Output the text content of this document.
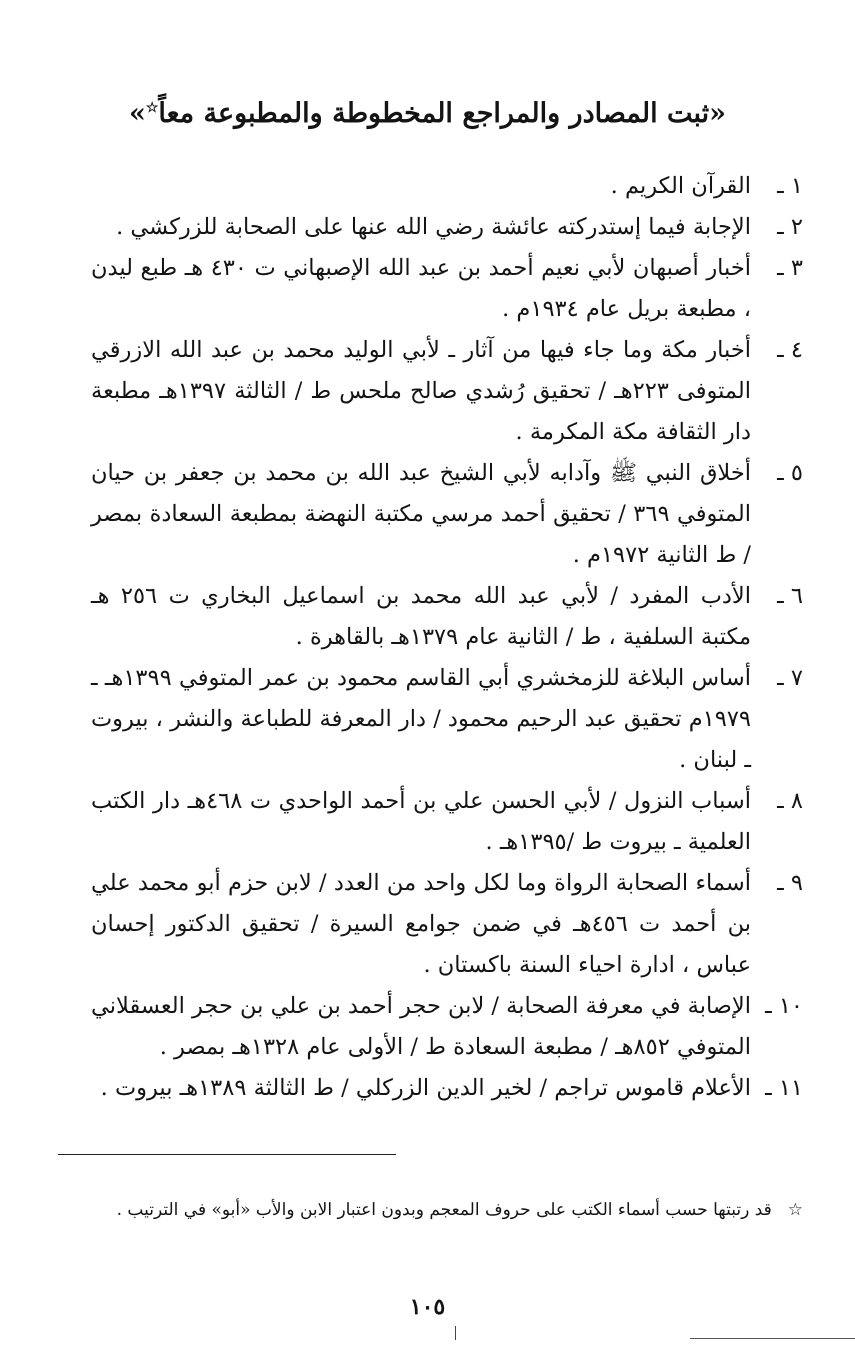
«ثبت المصادر والمراجع المخطوطة والمطبوعة معاً☆»
١ ـ
القرآن الكريم .
٢ ـ
الإجابة فيما إستدركته عائشة رضي الله عنها على الصحابة للزركشي .
٣ ـ
أخبار أصبهان لأبي نعيم أحمد بن عبد الله الإصبهاني ت ٤٣٠ هـ طبع ليدن ، مطبعة بريل عام ١٩٣٤م .
٤ ـ
أخبار مكة وما جاء فيها من آثار ـ لأبي الوليد محمد بن عبد الله الازرقي المتوفى ٢٢٣هـ / تحقيق رُشدي صالح ملحس ط / الثالثة ١٣٩٧هـ مطبعة دار الثقافة مكة المكرمة .
٥ ـ
أخلاق النبي ﷺ وآدابه لأبي الشيخ عبد الله بن محمد بن جعفر بن حيان المتوفي ٣٦٩ / تحقيق أحمد مرسي مكتبة النهضة بمطبعة السعادة بمصر / ط الثانية ١٩٧٢م .
٦ ـ
الأدب المفرد / لأبي عبد الله محمد بن اسماعيل البخاري ت ٢٥٦ هـ مكتبة السلفية ، ط / الثانية عام ١٣٧٩هـ بالقاهرة .
٧ ـ
أساس البلاغة للزمخشري أبي القاسم محمود بن عمر المتوفي ١٣٩٩هـ ـ ١٩٧٩م تحقيق عبد الرحيم محمود / دار المعرفة للطباعة والنشر ، بيروت ـ لبنان .
٨ ـ
أسباب النزول / لأبي الحسن علي بن أحمد الواحدي ت ٤٦٨هـ دار الكتب العلمية ـ بيروت ط /١٣٩٥هـ .
٩ ـ
أسماء الصحابة الرواة وما لكل واحد من العدد / لابن حزم أبو محمد علي بن أحمد ت ٤٥٦هـ في ضمن جوامع السيرة / تحقيق الدكتور إحسان عباس ، ادارة احياء السنة باكستان .
١٠ ـ
الإصابة في معرفة الصحابة / لابن حجر أحمد بن علي بن حجر العسقلاني المتوفي ٨٥٢هـ / مطبعة السعادة ط / الأولى عام ١٣٢٨هـ بمصر .
١١ ـ
الأعلام قاموس تراجم / لخير الدين الزركلي / ط الثالثة ١٣٨٩هـ بيروت .

☆قد رتبتها حسب أسماء الكتب على حروف المعجم وبدون اعتبار الابن والأب «أبو» في الترتيب .

١٠٥
